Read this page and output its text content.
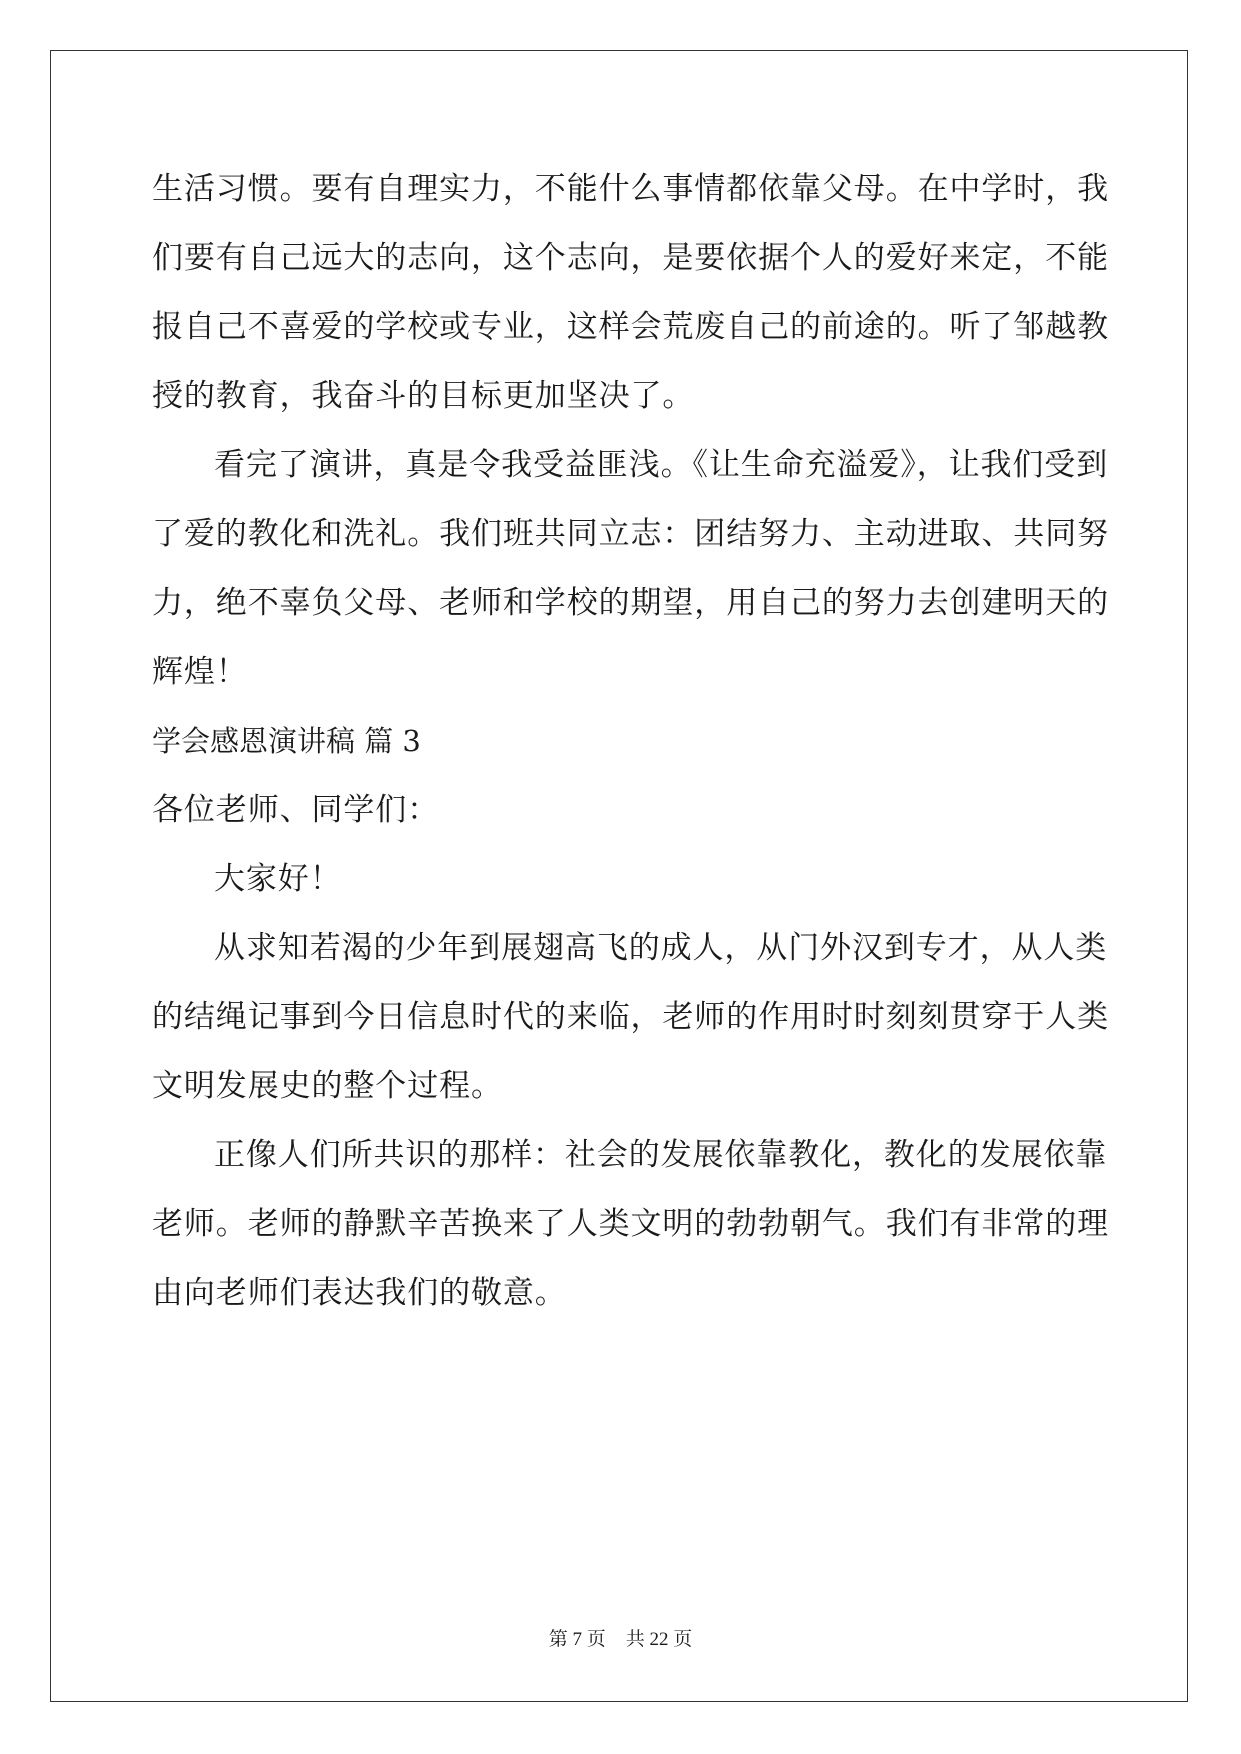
生活习惯。要有自理实力，不能什么事情都依靠父母。在中学时，我
们要有自己远大的志向，这个志向，是要依据个人的爱好来定，不能
报自己不喜爱的学校或专业，这样会荒废自己的前途的。听了邹越教
授的教育，我奋斗的目标更加坚决了。
看完了演讲，真是令我受益匪浅。《让生命充溢爱》，让我们受到
了爱的教化和洗礼。我们班共同立志：团结努力、主动进取、共同努
力，绝不辜负父母、老师和学校的期望，用自己的努力去创建明天的
辉煌！
学会感恩演讲稿 篇 3
各位老师、同学们：
大家好！
从求知若渴的少年到展翅高飞的成人，从门外汉到专才，从人类
的结绳记事到今日信息时代的来临，老师的作用时时刻刻贯穿于人类
文明发展史的整个过程。
正像人们所共识的那样：社会的发展依靠教化，教化的发展依靠
老师。老师的静默辛苦换来了人类文明的勃勃朝气。我们有非常的理
由向老师们表达我们的敬意。
第 7 页 共 22 页
